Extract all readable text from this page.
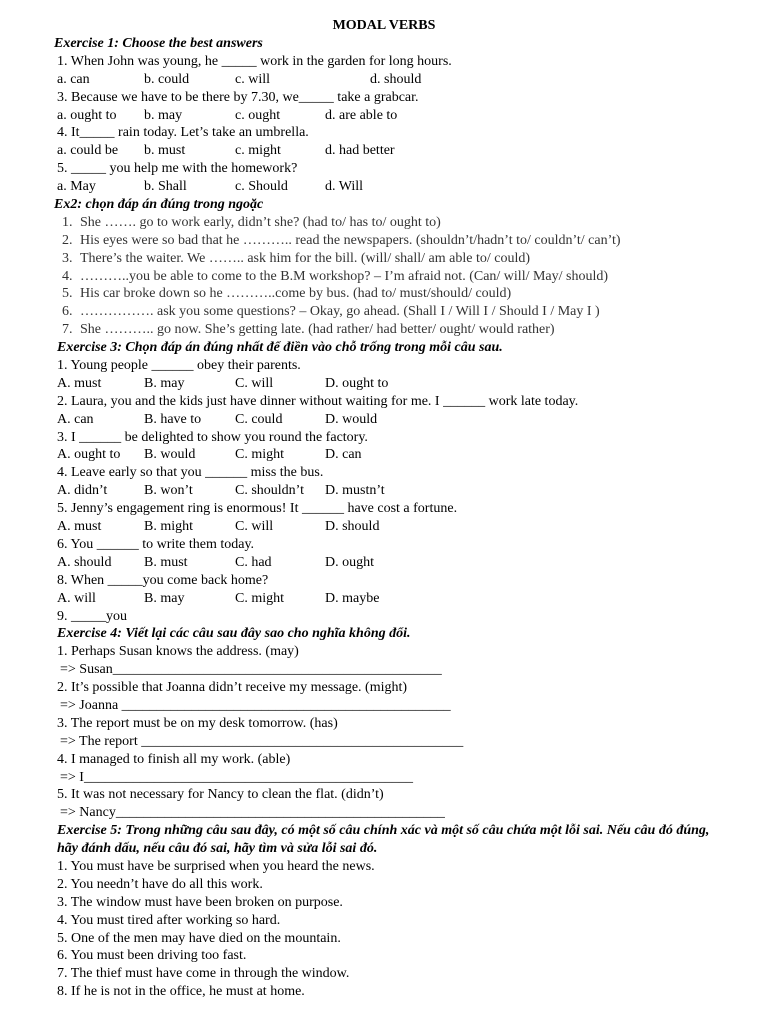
MODAL VERBS
Exercise 1: Choose the best answers
1. When John was young, he _____ work in the garden for long hours.
a. can	b. could	c. will	d. should
3. Because we have to be there by 7.30, we_____ take a grabcar.
a. ought to	b. may	c. ought	d. are able to
4. It_____ rain today. Let’s take an umbrella.
a. could be	b. must	c. might	d. had better
5. _____ you help me with the homework?
a. May	b. Shall	c. Should	d. Will
Ex2: chọn đáp án đúng trong ngoặc
1. She ……. go to work early, didn’t she? (had to/ has to/ ought to)
2. His eyes were so bad that he ……….. read the newspapers. (shouldn’t/hadn’t to/ couldn’t/ can’t)
3. There’s the waiter. We …….. ask him for the bill. (will/ shall/ am able to/ could)
4. ………..you be able to come to the B.M workshop? – I’m afraid not. (Can/ will/ May/ should)
5. His car broke down so he ………..come by bus. (had to/ must/should/ could)
6. ……………. ask you some questions? – Okay, go ahead. (Shall I / Will I / Should I / May I )
7. She ……….. go now. She’s getting late. (had rather/ had better/ ought/ would rather)
Exercise 3: Chọn đáp án đúng nhất để điền vào chỗ trống trong mỗi câu sau.
1. Young people ______ obey their parents.
A. must	B. may	C. will	D. ought to
2. Laura, you and the kids just have dinner without waiting for me. I ______ work late today.
A. can	B. have to	C. could	D. would
3. I ______ be delighted to show you round the factory.
A. ought to	B. would	C. might	D. can
4. Leave early so that you ______ miss the bus.
A. didn’t	B. won’t	C. shouldn’t	D. mustn’t
5. Jenny’s engagement ring is enormous! It ______ have cost a fortune.
A. must	B. might	C. will	D. should
6. You ______ to write them today.
A. should	B. must	C. had	D. ought
8. When _____you come back home?
A. will	B. may	C. might	D. maybe
9. _____you
Exercise 4: Viết lại các câu sau đây sao cho nghĩa không đổi.
1. Perhaps Susan knows the address. (may)
=> Susan_______________________________________________
2. It’s possible that Joanna didn’t receive my message. (might)
=> Joanna _______________________________________________
3. The report must be on my desk tomorrow. (has)
=> The report ______________________________________________
4. I managed to finish all my work. (able)
=> I_______________________________________________
5. It was not necessary for Nancy to clean the flat. (didn’t)
=> Nancy_______________________________________________
Exercise 5: Trong những câu sau đây, có một số câu chính xác và một số câu chứa một lỗi sai. Nếu câu đó đúng, hãy đánh dấu, nếu câu đó sai, hãy tìm và sửa lỗi sai đó.
1. You must have be surprised when you heard the news.
2. You needn’t have do all this work.
3. The window must have been broken on purpose.
4. You must tired after working so hard.
5. One of the men may have died on the mountain.
6. You must been driving too fast.
7. The thief must have come in through the window.
8. If he is not in the office, he must at home.
